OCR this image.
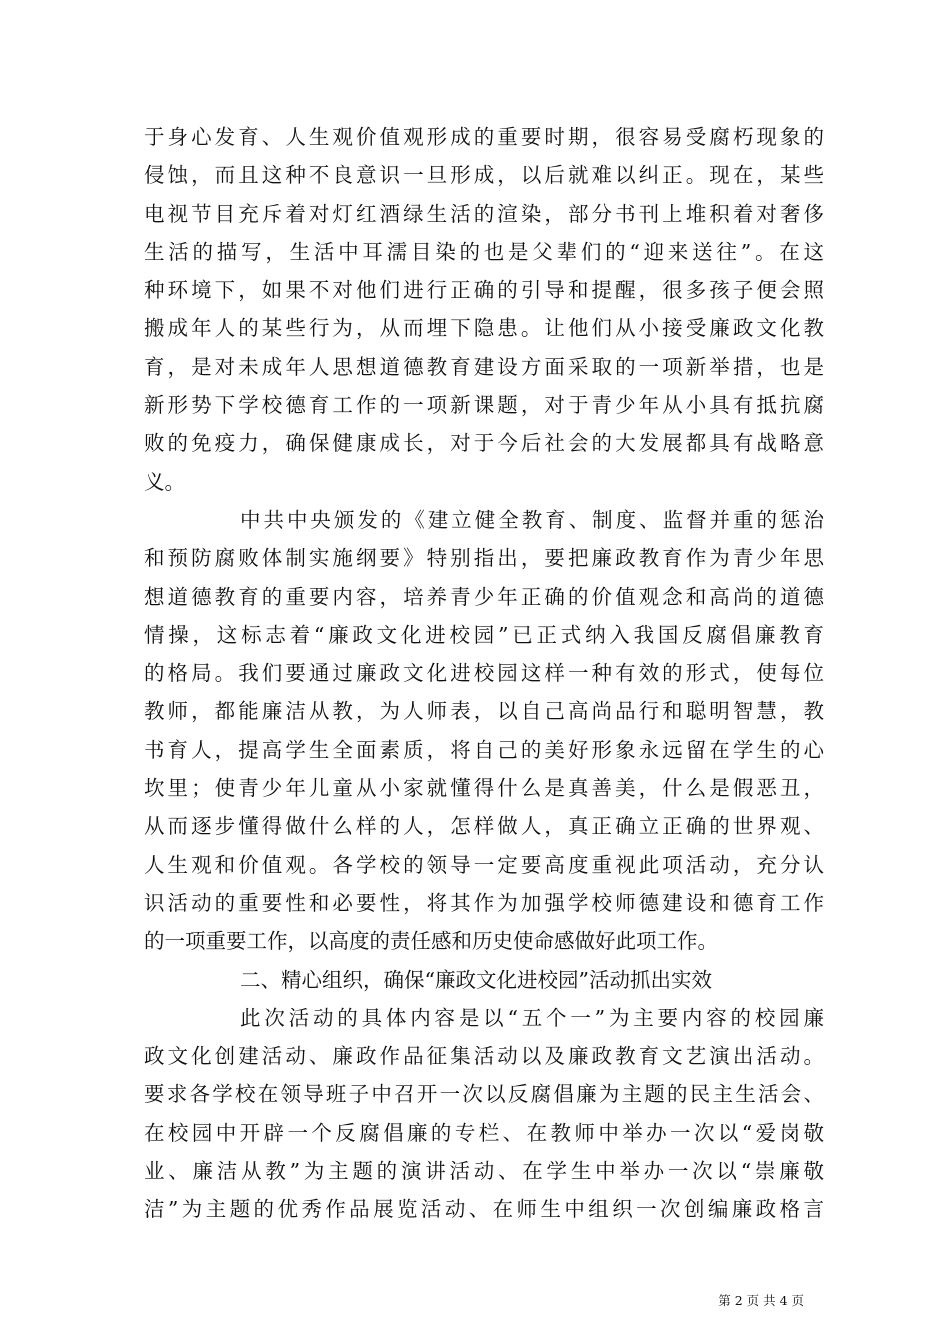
于身心发育、人生观价值观形成的重要时期，很容易受腐朽现象的
侵蚀，而且这种不良意识一旦形成，以后就难以纠正。现在，某些
电视节目充斥着对灯红酒绿生活的渲染，部分书刊上堆积着对奢侈
生活的描写，生活中耳濡目染的也是父辈们的“迎来送往”。在这
种环境下，如果不对他们进行正确的引导和提醒，很多孩子便会照
搬成年人的某些行为，从而埋下隐患。让他们从小接受廉政文化教
育，是对未成年人思想道德教育建设方面采取的一项新举措，也是
新形势下学校德育工作的一项新课题，对于青少年从小具有抵抗腐
败的免疫力，确保健康成长，对于今后社会的大发展都具有战略意
义。
中共中央颁发的《建立健全教育、制度、监督并重的惩治
和预防腐败体制实施纲要》特别指出，要把廉政教育作为青少年思
想道德教育的重要内容，培养青少年正确的价值观念和高尚的道德
情操，这标志着“廉政文化进校园”已正式纳入我国反腐倡廉教育
的格局。我们要通过廉政文化进校园这样一种有效的形式，使每位
教师，都能廉洁从教，为人师表，以自己高尚品行和聪明智慧，教
书育人，提高学生全面素质，将自己的美好形象永远留在学生的心
坎里；使青少年儿童从小家就懂得什么是真善美，什么是假恶丑，
从而逐步懂得做什么样的人，怎样做人，真正确立正确的世界观、
人生观和价值观。各学校的领导一定要高度重视此项活动，充分认
识活动的重要性和必要性，将其作为加强学校师德建设和德育工作
的一项重要工作，以高度的责任感和历史使命感做好此项工作。
二、精心组织，确保“廉政文化进校园”活动抓出实效
此次活动的具体内容是以“五个一”为主要内容的校园廉
政文化创建活动、廉政作品征集活动以及廉政教育文艺演出活动。
要求各学校在领导班子中召开一次以反腐倡廉为主题的民主生活会、
在校园中开辟一个反腐倡廉的专栏、在教师中举办一次以“爱岗敬
业、廉洁从教”为主题的演讲活动、在学生中举办一次以“崇廉敬
洁”为主题的优秀作品展览活动、在师生中组织一次创编廉政格言
第 2 页 共 4 页
